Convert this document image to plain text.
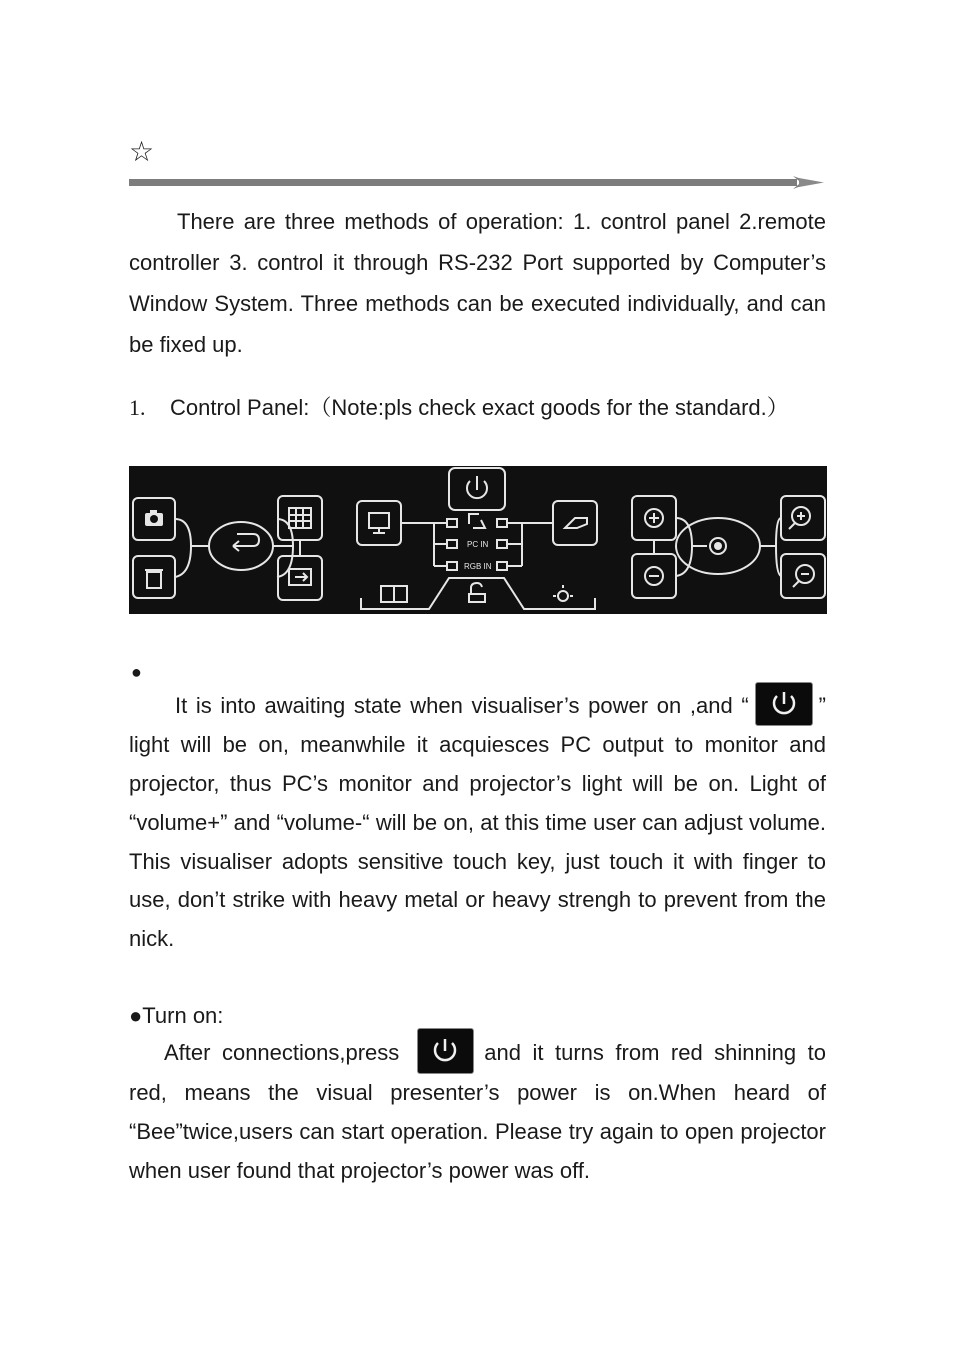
☆
There are three methods of operation: 1. control panel 2.remote controller 3. control it through RS-232 Port supported by Computer’s Window System. Three methods can be executed individually, and can be fixed up.
1. Control Panel:（Note:pls check exact goods for the standard.）
PC IN
RGB IN
●
It is into awaiting state when visualiser’s power on ,and “	” light will be on, meanwhile it acquiesces PC output to monitor and projector, thus PC’s monitor and projector’s light will be on. Light of “volume+” and “volume-“ will be on, at this time user can adjust volume. This visualiser adopts sensitive touch key, just touch it with finger to use, don’t strike with heavy metal or heavy strengh to prevent from the nick.
●Turn on:
After connections,press	and it turns from red shinning to red, means the visual presenter’s power is on.When heard of “Bee”twice,users can start operation. Please try again to open projector when user found that projector’s power was off.
